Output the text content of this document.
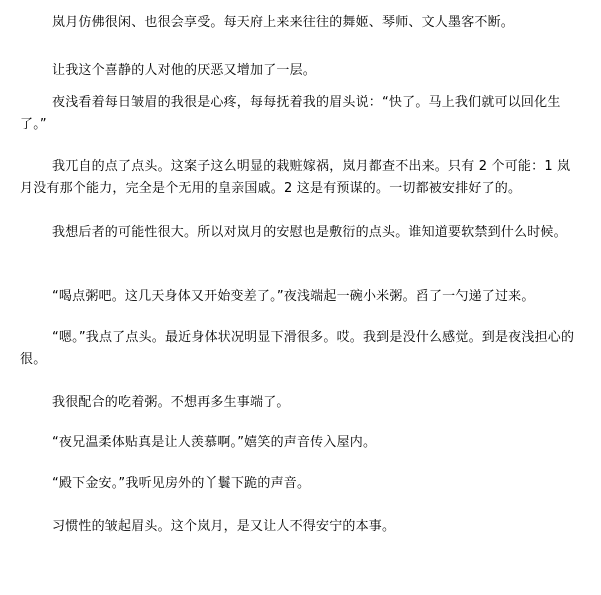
岚月仿佛很闲、也很会享受。每天府上来来往往的舞姬、琴师、文人墨客不断。

让我这个喜静的人对他的厌恶又增加了一层。

夜浅看着每日皱眉的我很是心疼，每每抚着我的眉头说：“快了。马上我们就可以回化生了。”

我兀自的点了点头。这案子这么明显的栽赃嫁祸，岚月都查不出来。只有 2 个可能：1 岚月没有那个能力，完全是个无用的皇亲国戚。2 这是有预谋的。一切都被安排好了的。

我想后者的可能性很大。所以对岚月的安慰也是敷衍的点头。谁知道要软禁到什么时候。

“喝点粥吧。这几天身体又开始变差了。”夜浅端起一碗小米粥。舀了一勺递了过来。

“嗯。”我点了点头。最近身体状况明显下滑很多。哎。我到是没什么感觉。到是夜浅担心的很。

我很配合的吃着粥。不想再多生事端了。

“夜兄温柔体贴真是让人羡慕啊。”嬉笑的声音传入屋内。

“殿下金安。”我听见房外的丫鬟下跪的声音。

习惯性的皱起眉头。这个岚月，是又让人不得安宁的本事。
